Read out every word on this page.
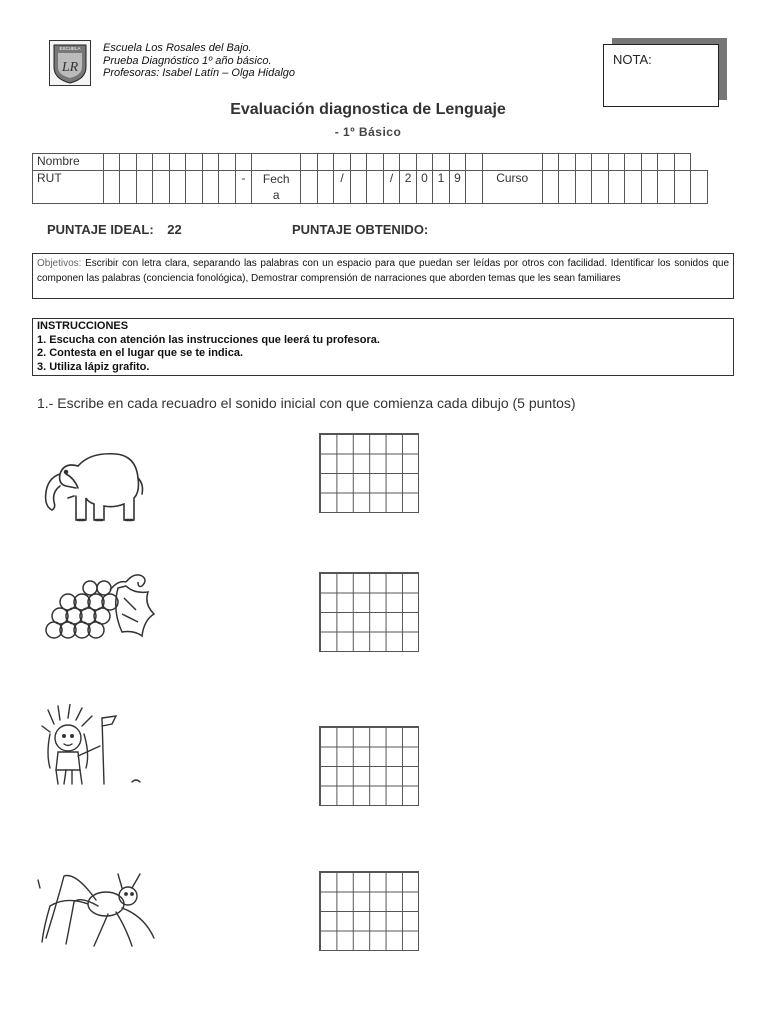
ESCUELA
LR
Escuela Los Rosales del Bajo.
Prueba Diagnóstico 1º año básico.
Profesoras: Isabel Latín – Olga Hidalgo
NOTA:
Evaluación diagnostica de Lenguaje
- 1º Básico
Nombre																																
RUT									-	Fech a			/			/	2	0	1	9		Curso										
PUNTAJE IDEAL: 22	PUNTAJE OBTENIDO:
Objetivos: Escribir con letra clara, separando las palabras con un espacio para que puedan ser leídas por otros con facilidad. Identificar los sonidos que componen las palabras (conciencia fonológica), Demostrar comprensión de narraciones que aborden temas que les sean familiares
INSTRUCCIONES
1. Escucha con atención las instrucciones que leerá tu profesora.
2. Contesta en el lugar que se te indica.
3. Utiliza lápiz grafito.
1.- Escribe en cada recuadro el sonido inicial con que comienza cada dibujo (5 puntos)
